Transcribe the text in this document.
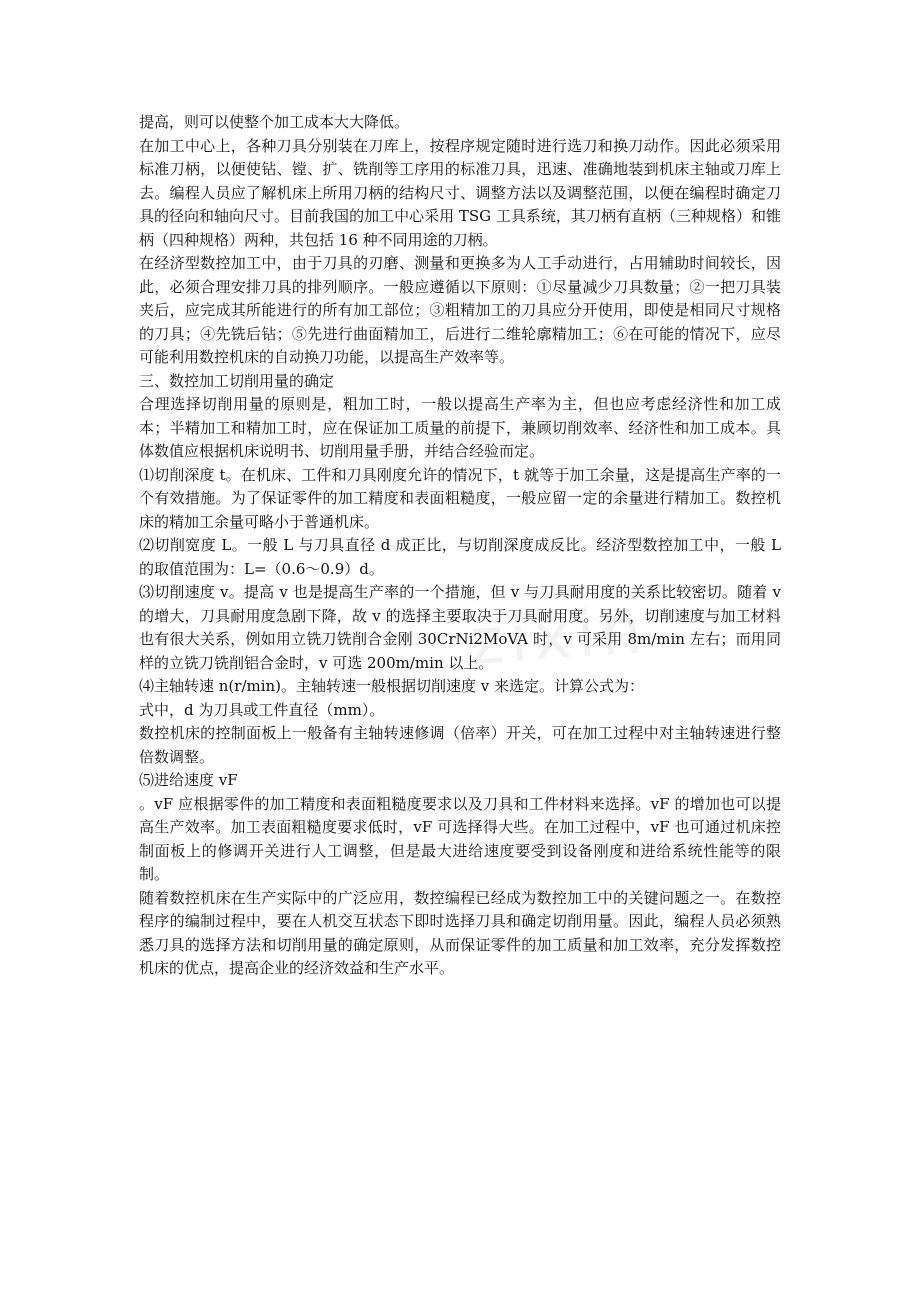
zixin

提高，则可以使整个加工成本大大降低。

在加工中心上，各种刀具分别装在刀库上，按程序规定随时进行选刀和换刀动作。因此必须采用标准刀柄，以便使钻、镗、扩、铣削等工序用的标准刀具，迅速、准确地装到机床主轴或刀库上去。编程人员应了解机床上所用刀柄的结构尺寸、调整方法以及调整范围，以便在编程时确定刀具的径向和轴向尺寸。目前我国的加工中心采用 TSG 工具系统，其刀柄有直柄（三种规格）和锥柄（四种规格）两种，共包括 16 种不同用途的刀柄。

在经济型数控加工中，由于刀具的刃磨、测量和更换多为人工手动进行，占用辅助时间较长，因此，必须合理安排刀具的排列顺序。一般应遵循以下原则：①尽量减少刀具数量；②一把刀具装夹后，应完成其所能进行的所有加工部位；③粗精加工的刀具应分开使用，即使是相同尺寸规格的刀具；④先铣后钻；⑤先进行曲面精加工，后进行二维轮廓精加工；⑥在可能的情况下，应尽可能利用数控机床的自动换刀功能，以提高生产效率等。

三、数控加工切削用量的确定

合理选择切削用量的原则是，粗加工时，一般以提高生产率为主，但也应考虑经济性和加工成本；半精加工和精加工时，应在保证加工质量的前提下，兼顾切削效率、经济性和加工成本。具体数值应根据机床说明书、切削用量手册，并结合经验而定。

⑴切削深度 t。在机床、工件和刀具刚度允许的情况下，t 就等于加工余量，这是提高生产率的一个有效措施。为了保证零件的加工精度和表面粗糙度，一般应留一定的余量进行精加工。数控机床的精加工余量可略小于普通机床。

⑵切削宽度 L。一般 L 与刀具直径 d 成正比，与切削深度成反比。经济型数控加工中，一般 L 的取值范围为：L=（0.6～0.9）d。

⑶切削速度 v。提高 v 也是提高生产率的一个措施，但 v 与刀具耐用度的关系比较密切。随着 v 的增大，刀具耐用度急剧下降，故 v 的选择主要取决于刀具耐用度。另外，切削速度与加工材料也有很大关系，例如用立铣刀铣削合金刚 30CrNi2MoVA 时，v 可采用 8m/min 左右；而用同样的立铣刀铣削铝合金时，v 可选 200m/min 以上。

⑷主轴转速 n(r/min)。主轴转速一般根据切削速度 v 来选定。计算公式为：

式中，d 为刀具或工件直径（mm）。

数控机床的控制面板上一般备有主轴转速修调（倍率）开关，可在加工过程中对主轴转速进行整倍数调整。

⑸进给速度 vF

。vF 应根据零件的加工精度和表面粗糙度要求以及刀具和工件材料来选择。vF 的增加也可以提高生产效率。加工表面粗糙度要求低时，vF 可选择得大些。在加工过程中，vF 也可通过机床控制面板上的修调开关进行人工调整，但是最大进给速度要受到设备刚度和进给系统性能等的限制。

随着数控机床在生产实际中的广泛应用，数控编程已经成为数控加工中的关键问题之一。在数控程序的编制过程中，要在人机交互状态下即时选择刀具和确定切削用量。因此，编程人员必须熟悉刀具的选择方法和切削用量的确定原则，从而保证零件的加工质量和加工效率，充分发挥数控机床的优点，提高企业的经济效益和生产水平。
